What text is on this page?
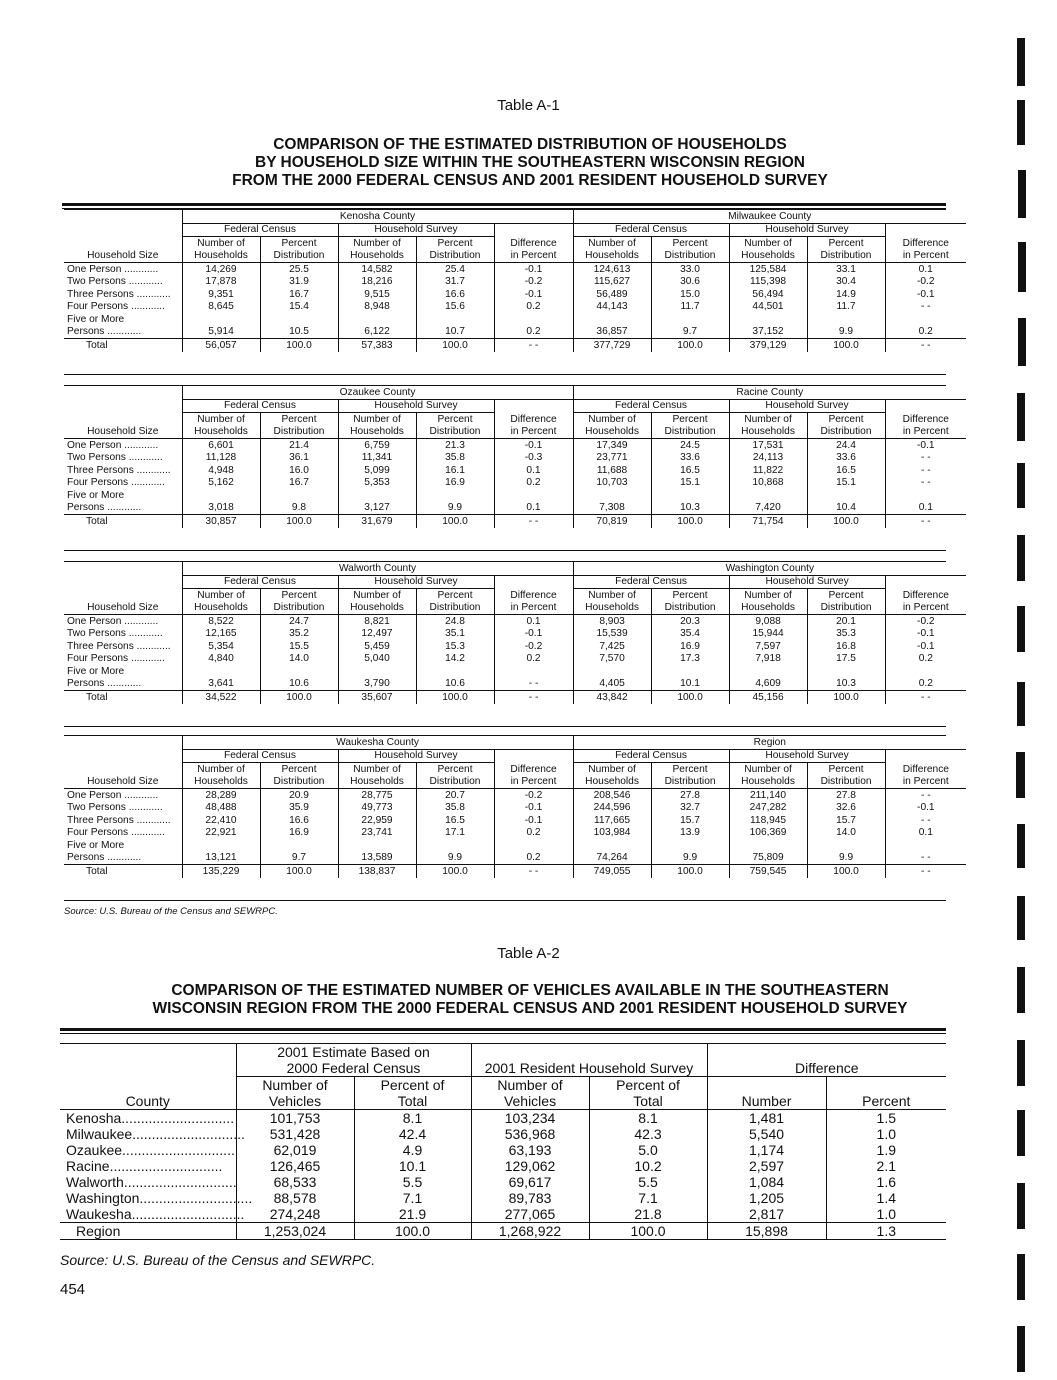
Table A-1
COMPARISON OF THE ESTIMATED DISTRIBUTION OF HOUSEHOLDS
BY HOUSEHOLD SIZE WITHIN THE SOUTHEASTERN WISCONSIN REGION
FROM THE 2000 FEDERAL CENSUS AND 2001 RESIDENT HOUSEHOLD SURVEY
	Kenosha County					Milwaukee County				
	Federal Census		Household Survey			Federal Census		Household Survey		
	Number of	Percent	Number of	Percent	Difference	Number of	Percent	Number of	Percent	Difference
Household Size	Households	Distribution	Households	Distribution	in Percent	Households	Distribution	Households	Distribution	in Percent
One Person ............	14,269	25.5	14,582	25.4	-0.1	124,613	33.0	125,584	33.1	0.1
Two Persons ............	17,878	31.9	18,216	31.7	-0.2	115,627	30.6	115,398	30.4	-0.2
Three Persons ............	9,351	16.7	9,515	16.6	-0.1	56,489	15.0	56,494	14.9	-0.1
Four Persons ............	8,645	15.4	8,948	15.6	0.2	44,143	11.7	44,501	11.7	- -
Five or More										
Persons ............	5,914	10.5	6,122	10.7	0.2	36,857	9.7	37,152	9.9	0.2
Total	56,057	100.0	57,383	100.0	- -	377,729	100.0	379,129	100.0	- -
	Ozaukee County					Racine County				
	Federal Census		Household Survey			Federal Census		Household Survey		
	Number of	Percent	Number of	Percent	Difference	Number of	Percent	Number of	Percent	Difference
Household Size	Households	Distribution	Households	Distribution	in Percent	Households	Distribution	Households	Distribution	in Percent
One Person ............	6,601	21.4	6,759	21.3	-0.1	17,349	24.5	17,531	24.4	-0.1
Two Persons ............	11,128	36.1	11,341	35.8	-0.3	23,771	33.6	24,113	33.6	- -
Three Persons ............	4,948	16.0	5,099	16.1	0.1	11,688	16.5	11,822	16.5	- -
Four Persons ............	5,162	16.7	5,353	16.9	0.2	10,703	15.1	10,868	15.1	- -
Five or More										
Persons ............	3,018	9.8	3,127	9.9	0.1	7,308	10.3	7,420	10.4	0.1
Total	30,857	100.0	31,679	100.0	- -	70,819	100.0	71,754	100.0	- -
	Walworth County					Washington County				
	Federal Census		Household Survey			Federal Census		Household Survey		
	Number of	Percent	Number of	Percent	Difference	Number of	Percent	Number of	Percent	Difference
Household Size	Households	Distribution	Households	Distribution	in Percent	Households	Distribution	Households	Distribution	in Percent
One Person ............	8,522	24.7	8,821	24.8	0.1	8,903	20.3	9,088	20.1	-0.2
Two Persons ............	12,165	35.2	12,497	35.1	-0.1	15,539	35.4	15,944	35.3	-0.1
Three Persons ............	5,354	15.5	5,459	15.3	-0.2	7,425	16.9	7,597	16.8	-0.1
Four Persons ............	4,840	14.0	5,040	14.2	0.2	7,570	17.3	7,918	17.5	0.2
Five or More										
Persons ............	3,641	10.6	3,790	10.6	- -	4,405	10.1	4,609	10.3	0.2
Total	34,522	100.0	35,607	100.0	- -	43,842	100.0	45,156	100.0	- -
	Waukesha County					Region				
	Federal Census		Household Survey			Federal Census		Household Survey		
	Number of	Percent	Number of	Percent	Difference	Number of	Percent	Number of	Percent	Difference
Household Size	Households	Distribution	Households	Distribution	in Percent	Households	Distribution	Households	Distribution	in Percent
One Person ............	28,289	20.9	28,775	20.7	-0.2	208,546	27.8	211,140	27.8	- -
Two Persons ............	48,488	35.9	49,773	35.8	-0.1	244,596	32.7	247,282	32.6	-0.1
Three Persons ............	22,410	16.6	22,959	16.5	-0.1	117,665	15.7	118,945	15.7	- -
Four Persons ............	22,921	16.9	23,741	17.1	0.2	103,984	13.9	106,369	14.0	0.1
Five or More										
Persons ............	13,121	9.7	13,589	9.9	0.2	74,264	9.9	75,809	9.9	- -
Total	135,229	100.0	138,837	100.0	- -	749,055	100.0	759,545	100.0	- -
Source: U.S. Bureau of the Census and SEWRPC.
Table A-2
COMPARISON OF THE ESTIMATED NUMBER OF VEHICLES AVAILABLE IN THE SOUTHEASTERN
WISCONSIN REGION FROM THE 2000 FEDERAL CENSUS AND 2001 RESIDENT HOUSEHOLD SURVEY
	2001 Estimate Based on					
	2000 Federal Census		2001 Resident Household Survey		Difference	
	Number of	Percent of	Number of	Percent of		
County	Vehicles	Total	Vehicles	Total	Number	Percent
Kenosha.............................	101,753	8.1	103,234	8.1	1,481	1.5
Milwaukee.............................	531,428	42.4	536,968	42.3	5,540	1.0
Ozaukee.............................	62,019	4.9	63,193	5.0	1,174	1.9
Racine.............................	126,465	10.1	129,062	10.2	2,597	2.1
Walworth.............................	68,533	5.5	69,617	5.5	1,084	1.6
Washington.............................	88,578	7.1	89,783	7.1	1,205	1.4
Waukesha.............................	274,248	21.9	277,065	21.8	2,817	1.0
Region	1,253,024	100.0	1,268,922	100.0	15,898	1.3
Source: U.S. Bureau of the Census and SEWRPC.
454
